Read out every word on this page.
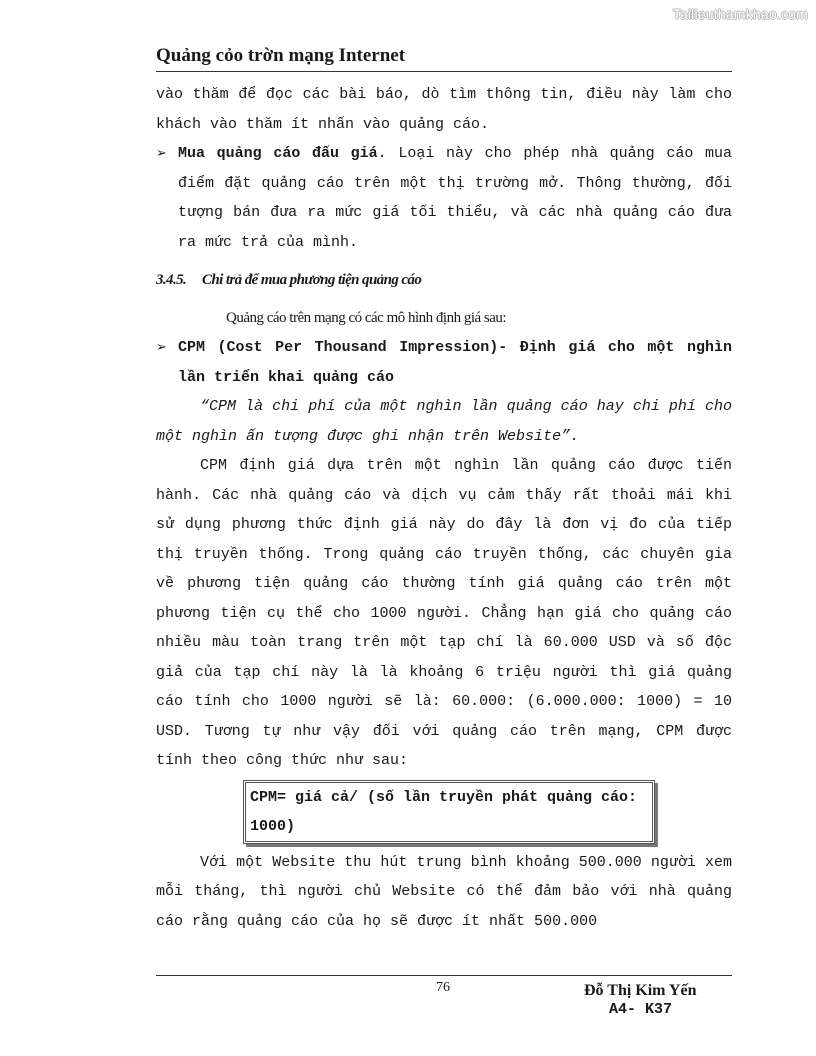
Tailieuthamkhao.com
Quảng cỏo trờn mạng Internet

vào thăm để đọc các bài báo, dò tìm thông tin, điều này làm cho khách vào thăm ít nhấn vào quảng cáo.

➢ Mua quảng cáo đấu giá. Loại này cho phép nhà quảng cáo mua điểm đặt quảng cáo trên một thị trường mở. Thông thường, đối tượng bán đưa ra mức giá tối thiểu, và các nhà quảng cáo đưa ra mức trả của mình.

3.4.5. Chi trả để mua phương tiện quảng cáo
Quảng cáo trên mạng có các mô hình định giá sau:

➢ CPM (Cost Per Thousand Impression)- Định giá cho một nghìn lần triển khai quảng cáo

“CPM là chi phí của một nghìn lần quảng cáo hay chi phí cho một nghìn ấn tượng được ghi nhận trên Website”.

CPM định giá dựa trên một nghìn lần quảng cáo được tiến hành. Các nhà quảng cáo và dịch vụ cảm thấy rất thoải mái khi sử dụng phương thức định giá này do đây là đơn vị đo của tiếp thị truyền thống. Trong quảng cáo truyền thống, các chuyên gia về phương tiện quảng cáo thường tính giá quảng cáo trên một phương tiện cụ thể cho 1000 người. Chẳng hạn giá cho quảng cáo nhiều màu toàn trang trên một tạp chí là 60.000 USD và số độc giả của tạp chí này là là khoảng 6 triệu người thì giá quảng cáo tính cho 1000 người sẽ là: 60.000: (6.000.000: 1000) = 10 USD. Tương tự như vậy đối với quảng cáo trên mạng, CPM được tính theo công thức như sau:

CPM= giá cả/ (số lần truyền phát quảng cáo: 1000)

Với một Website thu hút trung bình khoảng 500.000 người xem mỗi tháng, thì người chủ Website có thể đảm bảo với nhà quảng cáo rằng quảng cáo của họ sẽ được ít nhất 500.000

76	Đỗ Thị Kim Yến
A4- K37
